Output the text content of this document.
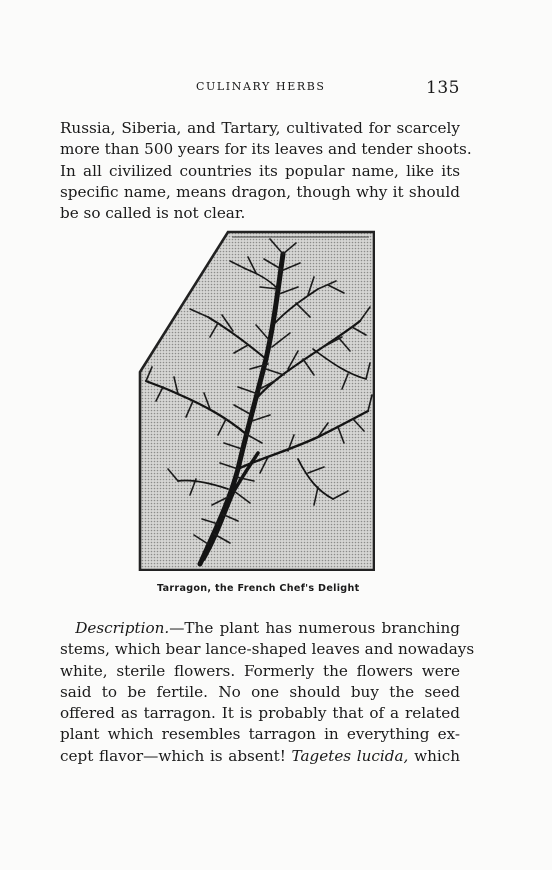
CULINARY HERBS	135
Russia, Siberia, and Tartary, cultivated for scarcely
more than 500 years for its leaves and tender shoots.
In all civilized countries its popular name, like its
specific name, means dragon, though why it should
be so called is not clear.
Tarragon, the French Chef's Delight
  Description.—The plant has numerous branching
stems, which bear lance-shaped leaves and nowadays
white, sterile flowers. Formerly the flowers were
said to be fertile. No one should buy the seed
offered as tarragon. It is probably that of a related
plant which resembles tarragon in everything ex-
cept flavor—which is absent! Tagetes lucida, which
